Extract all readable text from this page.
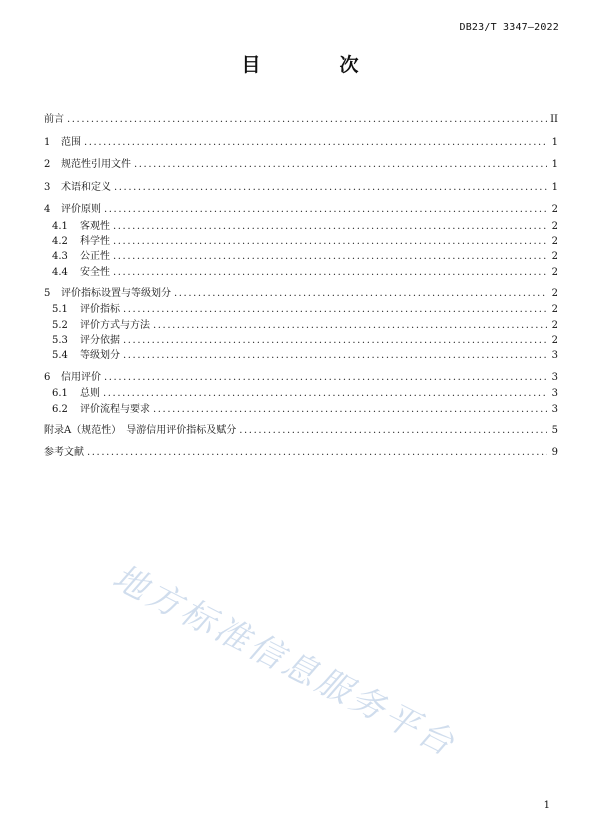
DB23/T 3347—2022
目　次
前言 .....	II
1	范围 .....	1
2	规范性引用文件 .....	1
3	术语和定义 .....	1
4	评价原则 .....	2
4.1	客观性 .....	2
4.2	科学性 .....	2
4.3	公正性 .....	2
4.4	安全性 .....	2
5	评价指标设置与等级划分 .....	2
5.1	评价指标 .....	2
5.2	评价方式与方法 .....	2
5.3	评分依据 .....	2
5.4	等级划分 .....	3
6	信用评价 .....	3
6.1	总则 .....	3
6.2	评价流程与要求 .....	3
附录A（规范性）　导游信用评价指标及赋分 .....	5
参考文献 .....	9
地方标准信息服务平台
1
